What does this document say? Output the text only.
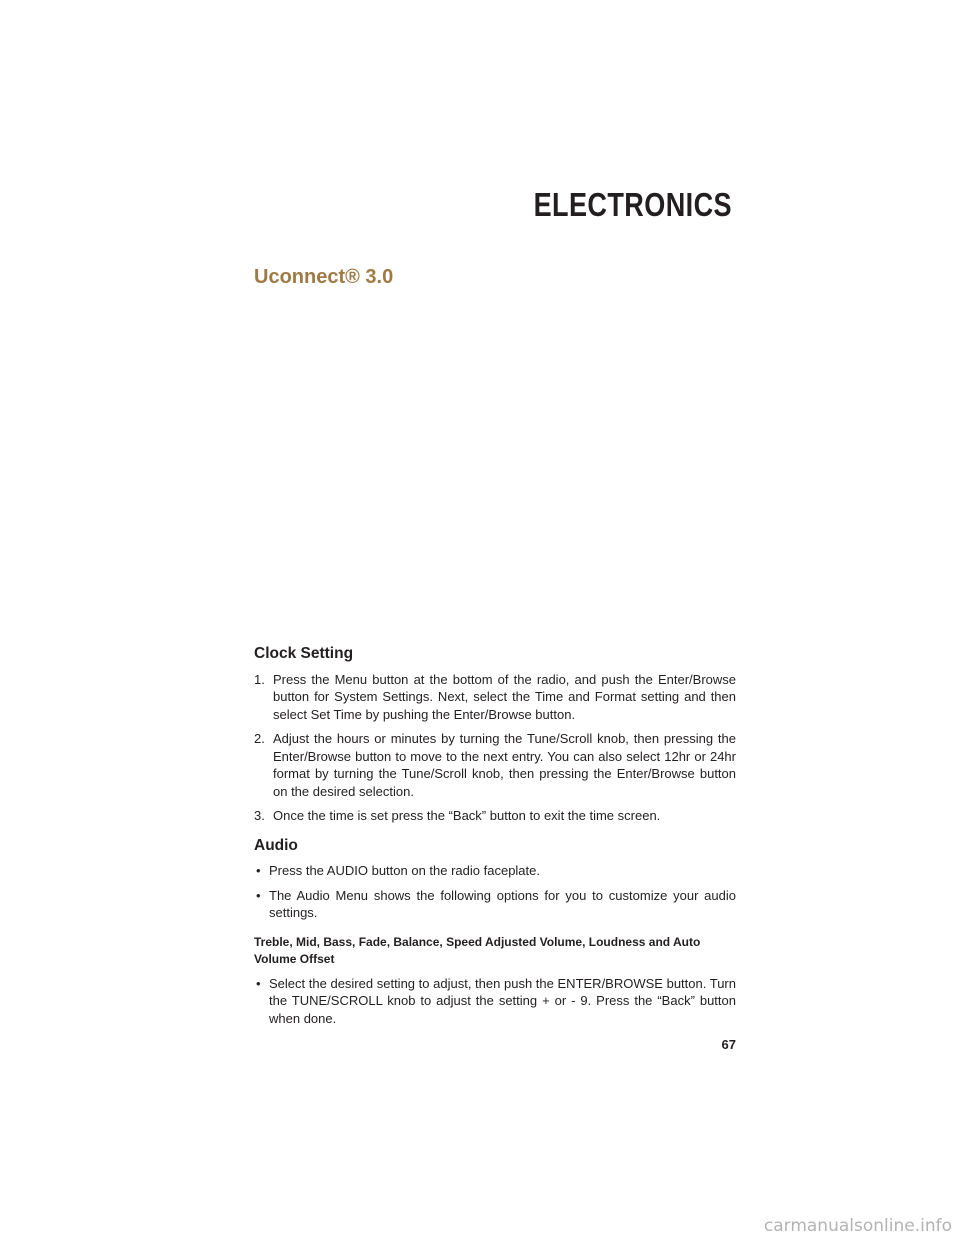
ELECTRONICS
Uconnect® 3.0
Clock Setting
1. Press the Menu button at the bottom of the radio, and push the Enter/Browse button for System Settings. Next, select the Time and Format setting and then select Set Time by pushing the Enter/Browse button.
2. Adjust the hours or minutes by turning the Tune/Scroll knob, then pressing the Enter/Browse button to move to the next entry. You can also select 12hr or 24hr format by turning the Tune/Scroll knob, then pressing the Enter/Browse button on the desired selection.
3. Once the time is set press the “Back” button to exit the time screen.
Audio
• Press the AUDIO button on the radio faceplate.
• The Audio Menu shows the following options for you to customize your audio settings.
Treble, Mid, Bass, Fade, Balance, Speed Adjusted Volume, Loudness and Auto Volume Offset
• Select the desired setting to adjust, then push the ENTER/BROWSE button. Turn the TUNE/SCROLL knob to adjust the setting + or - 9. Press the “Back” button when done.
67
carmanualsonline.info
